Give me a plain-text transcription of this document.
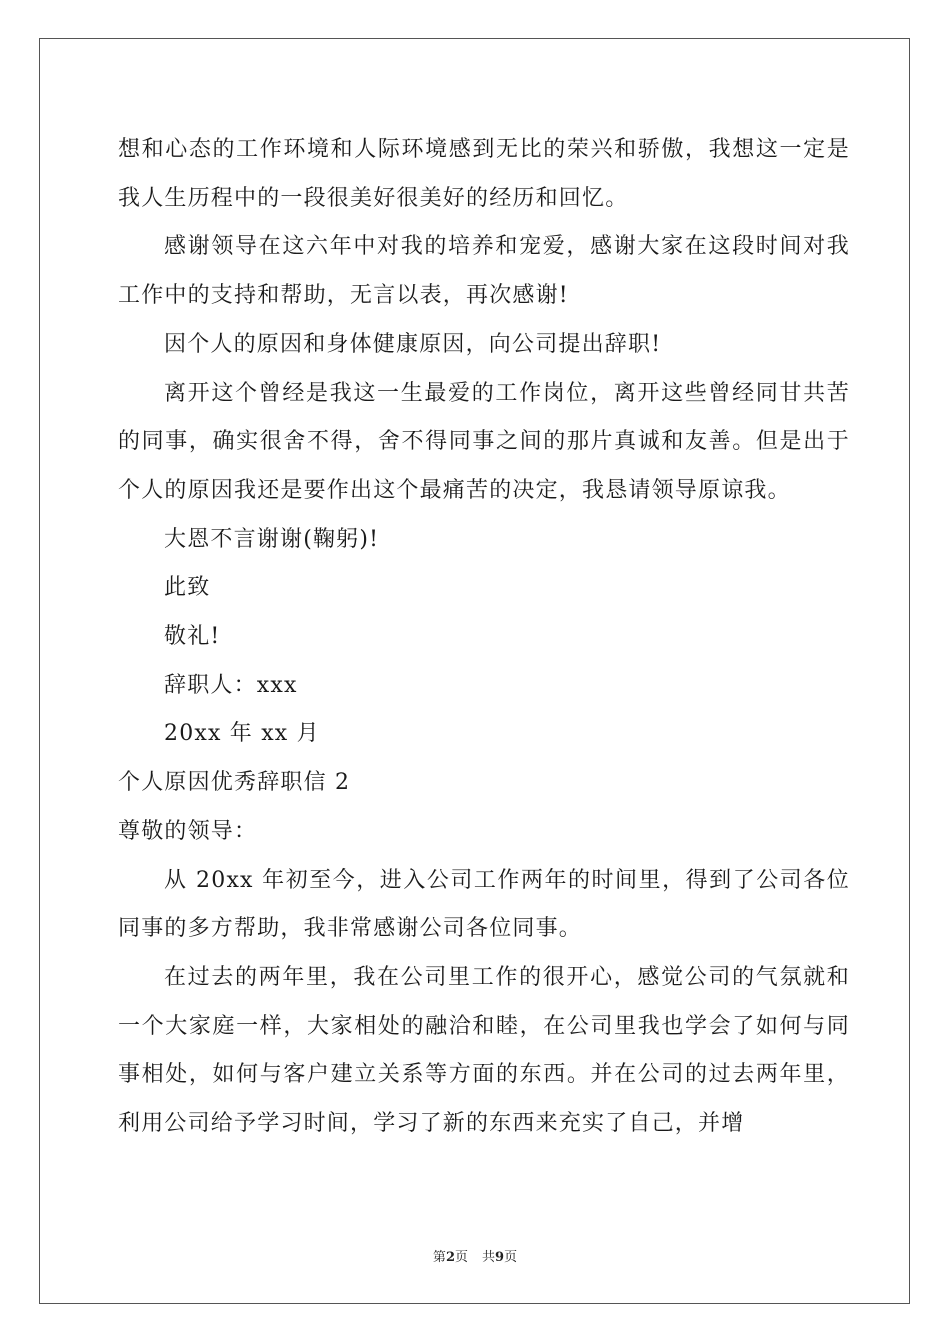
想和心态的工作环境和人际环境感到无比的荣兴和骄傲，我想这一定是我人生历程中的一段很美好很美好的经历和回忆。

感谢领导在这六年中对我的培养和宠爱，感谢大家在这段时间对我工作中的支持和帮助，无言以表，再次感谢!

因个人的原因和身体健康原因，向公司提出辞职!

离开这个曾经是我这一生最爱的工作岗位，离开这些曾经同甘共苦的同事，确实很舍不得，舍不得同事之间的那片真诚和友善。但是出于个人的原因我还是要作出这个最痛苦的决定，我恳请领导原谅我。

大恩不言谢谢(鞠躬)!

此致

敬礼!

辞职人：xxx

20xx 年 xx 月

个人原因优秀辞职信 2

尊敬的领导：

从 20xx 年初至今，进入公司工作两年的时间里，得到了公司各位同事的多方帮助，我非常感谢公司各位同事。

在过去的两年里，我在公司里工作的很开心，感觉公司的气氛就和一个大家庭一样，大家相处的融洽和睦，在公司里我也学会了如何与同事相处，如何与客户建立关系等方面的东西。并在公司的过去两年里，利用公司给予学习时间，学习了新的东西来充实了自己，并增

第2页 共9页
